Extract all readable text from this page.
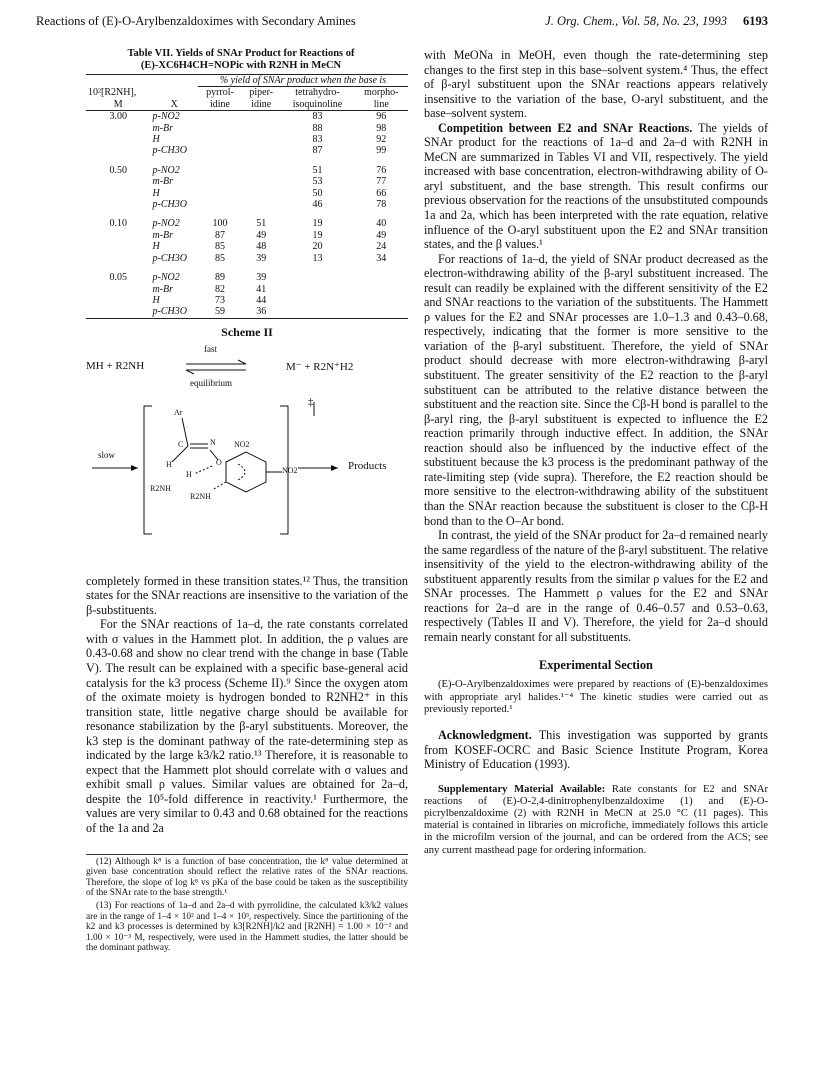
Reactions of (E)-O-Arylbenzaldoximes with Secondary Amines	J. Org. Chem., Vol. 58, No. 23, 1993 6193
Table VII. Yields of SNAr Product for Reactions of
(E)-XC6H4CH=NOPic with R2NH in MeCN
		% yield of SNAr product when the base is			
10²[R2NH],		pyrrol-	piper-	tetrahydro-	morpho-
M	X	idine	idine	isoquinoline	line
3.00	p-NO2			83	96
	m-Br			88	98
	H			83	92
	p-CH3O			87	99

0.50	p-NO2			51	76
	m-Br			53	77
	H			50	66
	p-CH3O			46	78

0.10	p-NO2	100	51	19	40
	m-Br	87	49	19	49
	H	85	48	20	24
	p-CH3O	85	39	13	34

0.05	p-NO2	89	39		
	m-Br	82	41		
	H	73	44		
	p-CH3O	59	36		
Scheme II
fast
MH + R2NH	M⁻ + R2N⁺H2
equilibrium
slow
Products
‡
Ar
C	N
O
NO2
NO2
H
H
R2NH
R2NH

completely formed in these transition states.¹² Thus, the transition states for the SNAr reactions are insensitive to the variation of the β-substituents.

For the SNAr reactions of 1a–d, the rate constants correlated with σ values in the Hammett plot. In addition, the ρ values are 0.43-0.68 and show no clear trend with the change in base (Table V). The result can be explained with a specific base-general acid catalysis for the k3 process (Scheme II).⁹ Since the oxygen atom of the oximate moiety is hydrogen bonded to R2NH2⁺ in this transition state, little negative charge should be available for resonance stabilization by the β-aryl substituents. Moreover, the k3 step is the dominant pathway of the rate-determining step as indicated by the large k3/k2 ratio.¹³ Therefore, it is reasonable to expect that the Hammett plot should correlate with σ values and exhibit small ρ values. Similar values are obtained for 2a–d, despite the 10⁵-fold difference in reactivity.¹ Furthermore, the values are very similar to 0.43 and 0.68 obtained for the reactions of the 1a and 2a

(12) Although k⁸ is a function of base concentration, the k⁸ value determined at given base concentration should reflect the relative rates of the SNAr reactions. Therefore, the slope of log k⁸ vs pKa of the base could be taken as the susceptibility of the SNAr rate to the base strength.¹

(13) For reactions of 1a–d and 2a–d with pyrrolidine, the calculated k3/k2 values are in the range of 1–4 × 10² and 1–4 × 10³, respectively. Since the partitioning of the k2 and k3 processes is determined by k3[R2NH]/k2 and [R2NH] = 1.00 × 10⁻² and 1.00 × 10⁻³ M, respectively, were used in the Hammett studies, the latter should be the dominant pathway.

with MeONa in MeOH, even though the rate-determining step changes to the first step in this base–solvent system.⁴ Thus, the effect of β-aryl substituent upon the SNAr reactions appears relatively insensitive to the variation of the base, O-aryl substituent, and the base–solvent system.

Competition between E2 and SNAr Reactions. The yields of SNAr product for the reactions of 1a–d and 2a–d with R2NH in MeCN are summarized in Tables VI and VII, respectively. The yield increased with base concentration, electron-withdrawing ability of O-aryl substituent, and the base strength. This result confirms our previous observation for the reactions of the unsubstituted compounds 1a and 2a, which has been interpreted with the rate equation, relative influence of the O-aryl substituent upon the E2 and SNAr transition states, and the β values.¹

For reactions of 1a–d, the yield of SNAr product decreased as the electron-withdrawing ability of the β-aryl substituent increased. The result can readily be explained with the different sensitivity of the E2 and SNAr reactions to the variation of the substituents. The Hammett ρ values for the E2 and SNAr processes are 1.0–1.3 and 0.43–0.68, respectively, indicating that the former is more sensitive to the variation of the β-aryl substituent. Therefore, the yield of SNAr product should decrease with more electron-withdrawing β-aryl substituent. The greater sensitivity of the E2 reaction to the β-aryl substituent can be attributed to the relative distance between the substituent and the reaction site. Since the Cβ-H bond is parallel to the β-aryl ring, the β-aryl substituent is expected to influence the E2 reaction primarily through inductive effect. In addition, the SNAr reaction should also be influenced by the inductive effect of the substituent because the k3 process is the predominant pathway of the rate-limiting step (vide supra). Therefore, the E2 reaction should be more sensitive to the electron-withdrawing ability of the substituent than the SNAr reaction because the substituent is closer to the Cβ-H bond than to the O–Ar bond.

In contrast, the yield of the SNAr product for 2a–d remained nearly the same regardless of the nature of the β-aryl substituent. The relative insensitivity of the yield to the electron-withdrawing ability of the substituent apparently results from the similar ρ values for the E2 and SNAr processes. The Hammett ρ values for the E2 and SNAr reactions for 2a–d are in the range of 0.46–0.57 and 0.53–0.63, respectively (Tables II and V). Therefore, the yield for 2a–d should remain nearly constant for all substituents.

Experimental Section

(E)-O-Arylbenzaldoximes were prepared by reactions of (E)-benzaldoximes with appropriate aryl halides.¹⁻⁴ The kinetic studies were carried out as previously reported.¹

Acknowledgment. This investigation was supported by grants from KOSEF-OCRC and Basic Science Institute Program, Korea Ministry of Education (1993).

Supplementary Material Available: Rate constants for E2 and SNAr reactions of (E)-O-2,4-dinitrophenylbenzaldoxime (1) and (E)-O-picrylbenzaldoxime (2) with R2NH in MeCN at 25.0 °C (11 pages). This material is contained in libraries on microfiche, immediately follows this article in the microfilm version of the journal, and can be ordered from the ACS; see any current masthead page for ordering information.
